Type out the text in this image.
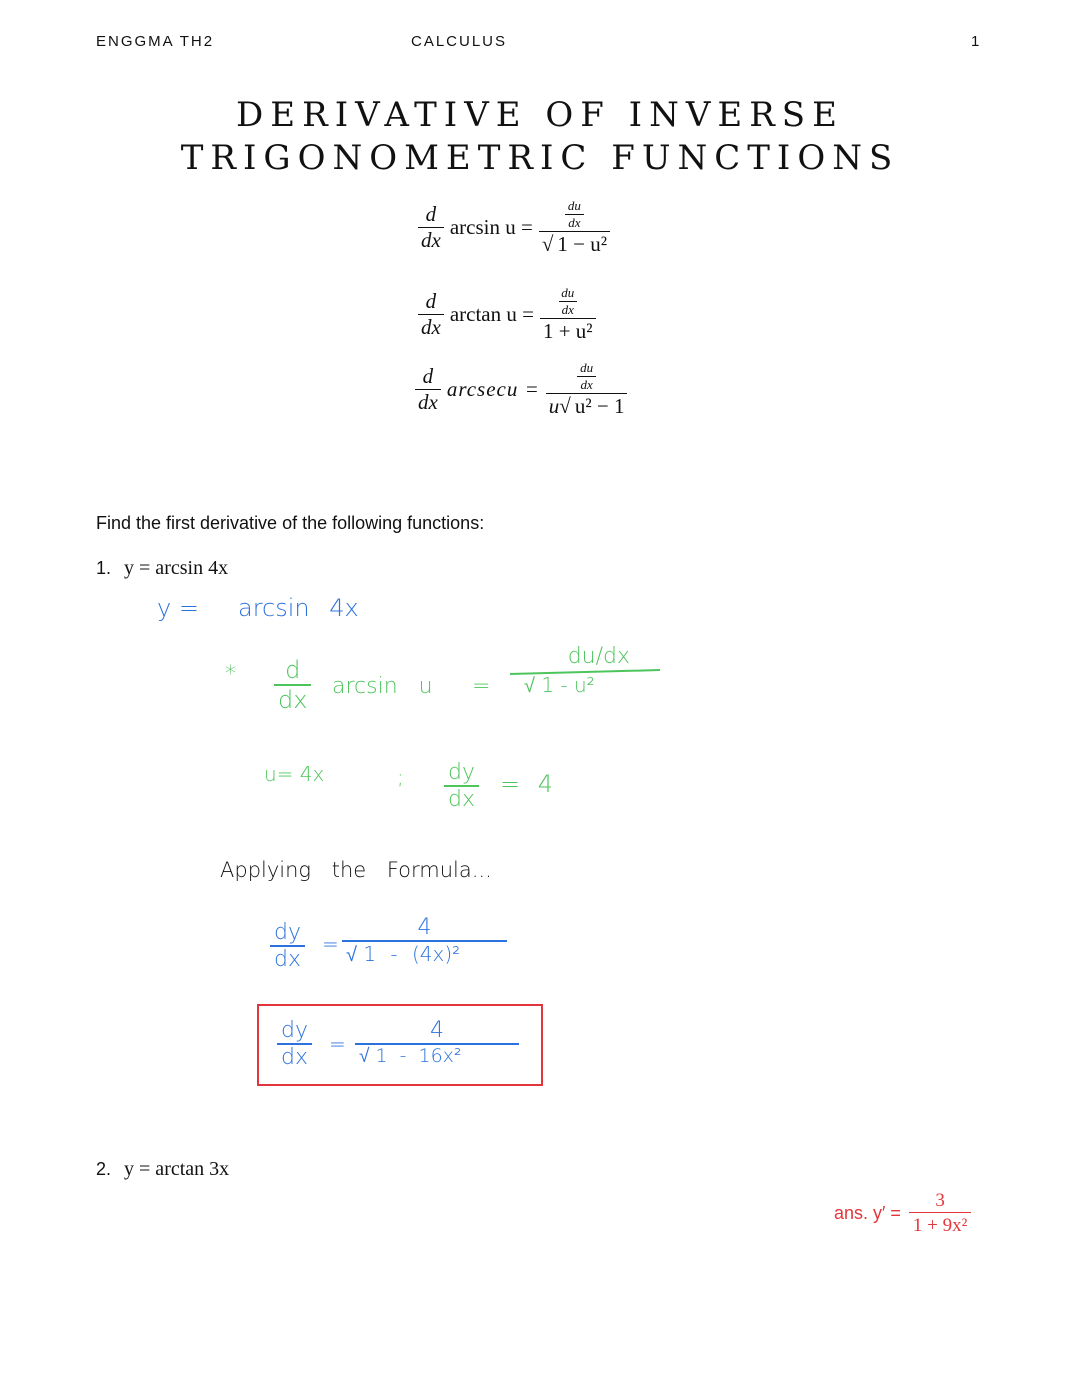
ENGGMA TH2	CALCULUS	1
DERIVATIVE OF INVERSE
TRIGONOMETRIC FUNCTIONS
$\frac{d}{dx}$ $\arcsin u = \frac{\frac{du}{dx}}{\text{√ 1 − u²}}$
$\frac{d}{dx}$ $\arctan u = \frac{\frac{du}{dx}}{\text{1 + u²}}$
$\frac{d}{dx}$ $arcsecu = \frac{\frac{du}{dx}}{\text{u√ u² − 1}}$
Find the first derivative of the following functions:
1. y = arcsin 4x
y = arcsin 4x
* d
dx arcsin u =
du/dx
√ 1 - u²
u= 4x	; dy
dx
= 4
Applying the Formula...
dy
dx
=
4
√ 1 - (4x)²
dy
dx
=
4
√ 1 - 16x²
2. y = arctan 3x
ans. $y' = \frac{3}{\text{1 + 9x²}}$
